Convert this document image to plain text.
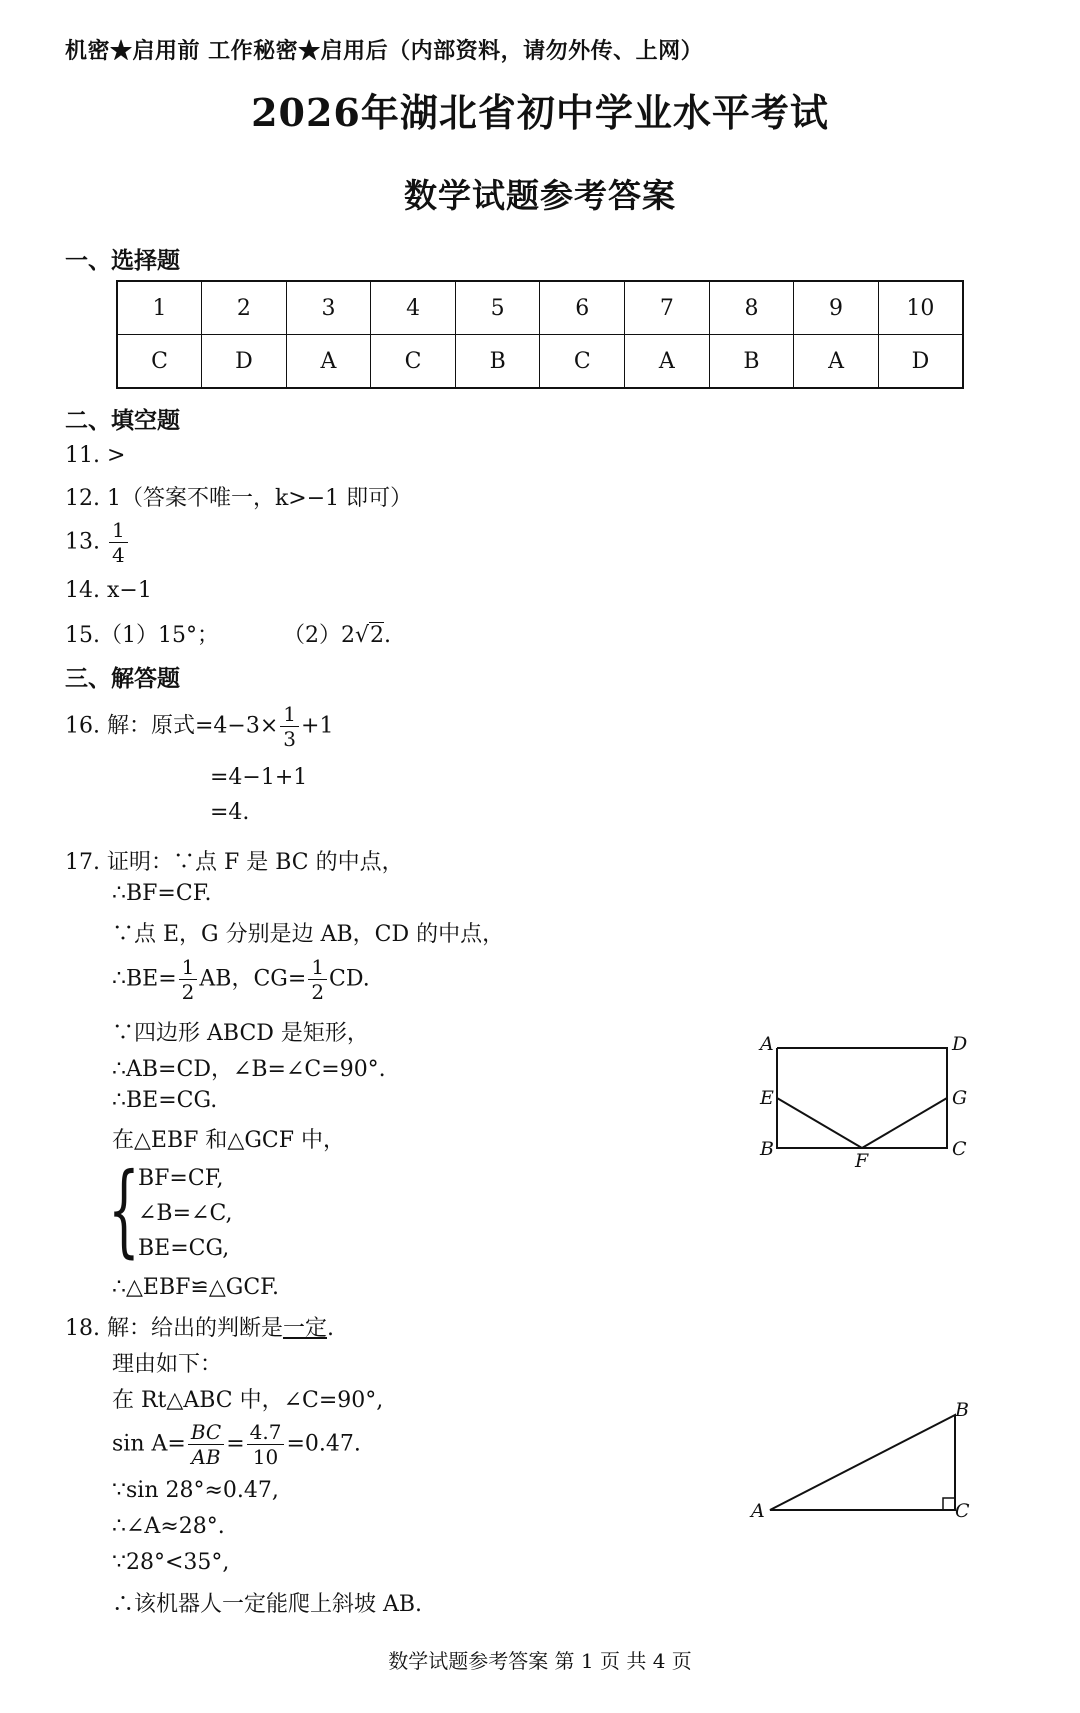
机密★启用前 工作秘密★启用后（内部资料，请勿外传、上网）
2026年湖北省初中学业水平考试
数学试题参考答案
一、选择题
1	2	3	4	5	6	7	8	9	10
C	D	A	C	B	C	A	B	A	D
二、填空题
11. >
12. 1（答案不唯一，k>−1 即可）
13. $\frac{1}{4}$
14. x−1
15.（1）15°；	（2）2√2.
三、解答题
16. 解：原式$=4-3\times \frac{1}{3} +1$
=4−1+1
=4.
17. 证明：∵点 F 是 BC 的中点，
∴BF=CF.
∵点 E，G 分别是边 AB，CD 的中点，
∴BE= $\frac{1}{2}$ AB，$CG= \frac{1}{2}$ CD.
∵四边形 ABCD 是矩形，
∴AB=CD，∠B=∠C=90°.
∴BE=CG.
在△EBF 和△GCF 中，
{
BF=CF,
∠B=∠C,
BE=CG,
∴△EBF≌△GCF.
A	D
E	G
B
F
C
18. 解：给出的判断是一定.
理由如下：
在 Rt△ABC 中，∠C=90°,
$\sin A= \frac{BC}{AB} = \frac{4.7}{10} =0.47$.
∵sin 28°≈0.47,
∴∠A≈28°.
∵28°<35°,
∴该机器人一定能爬上斜坡 AB.
A
B
C
数学试题参考答案 第 1 页 共 4 页
